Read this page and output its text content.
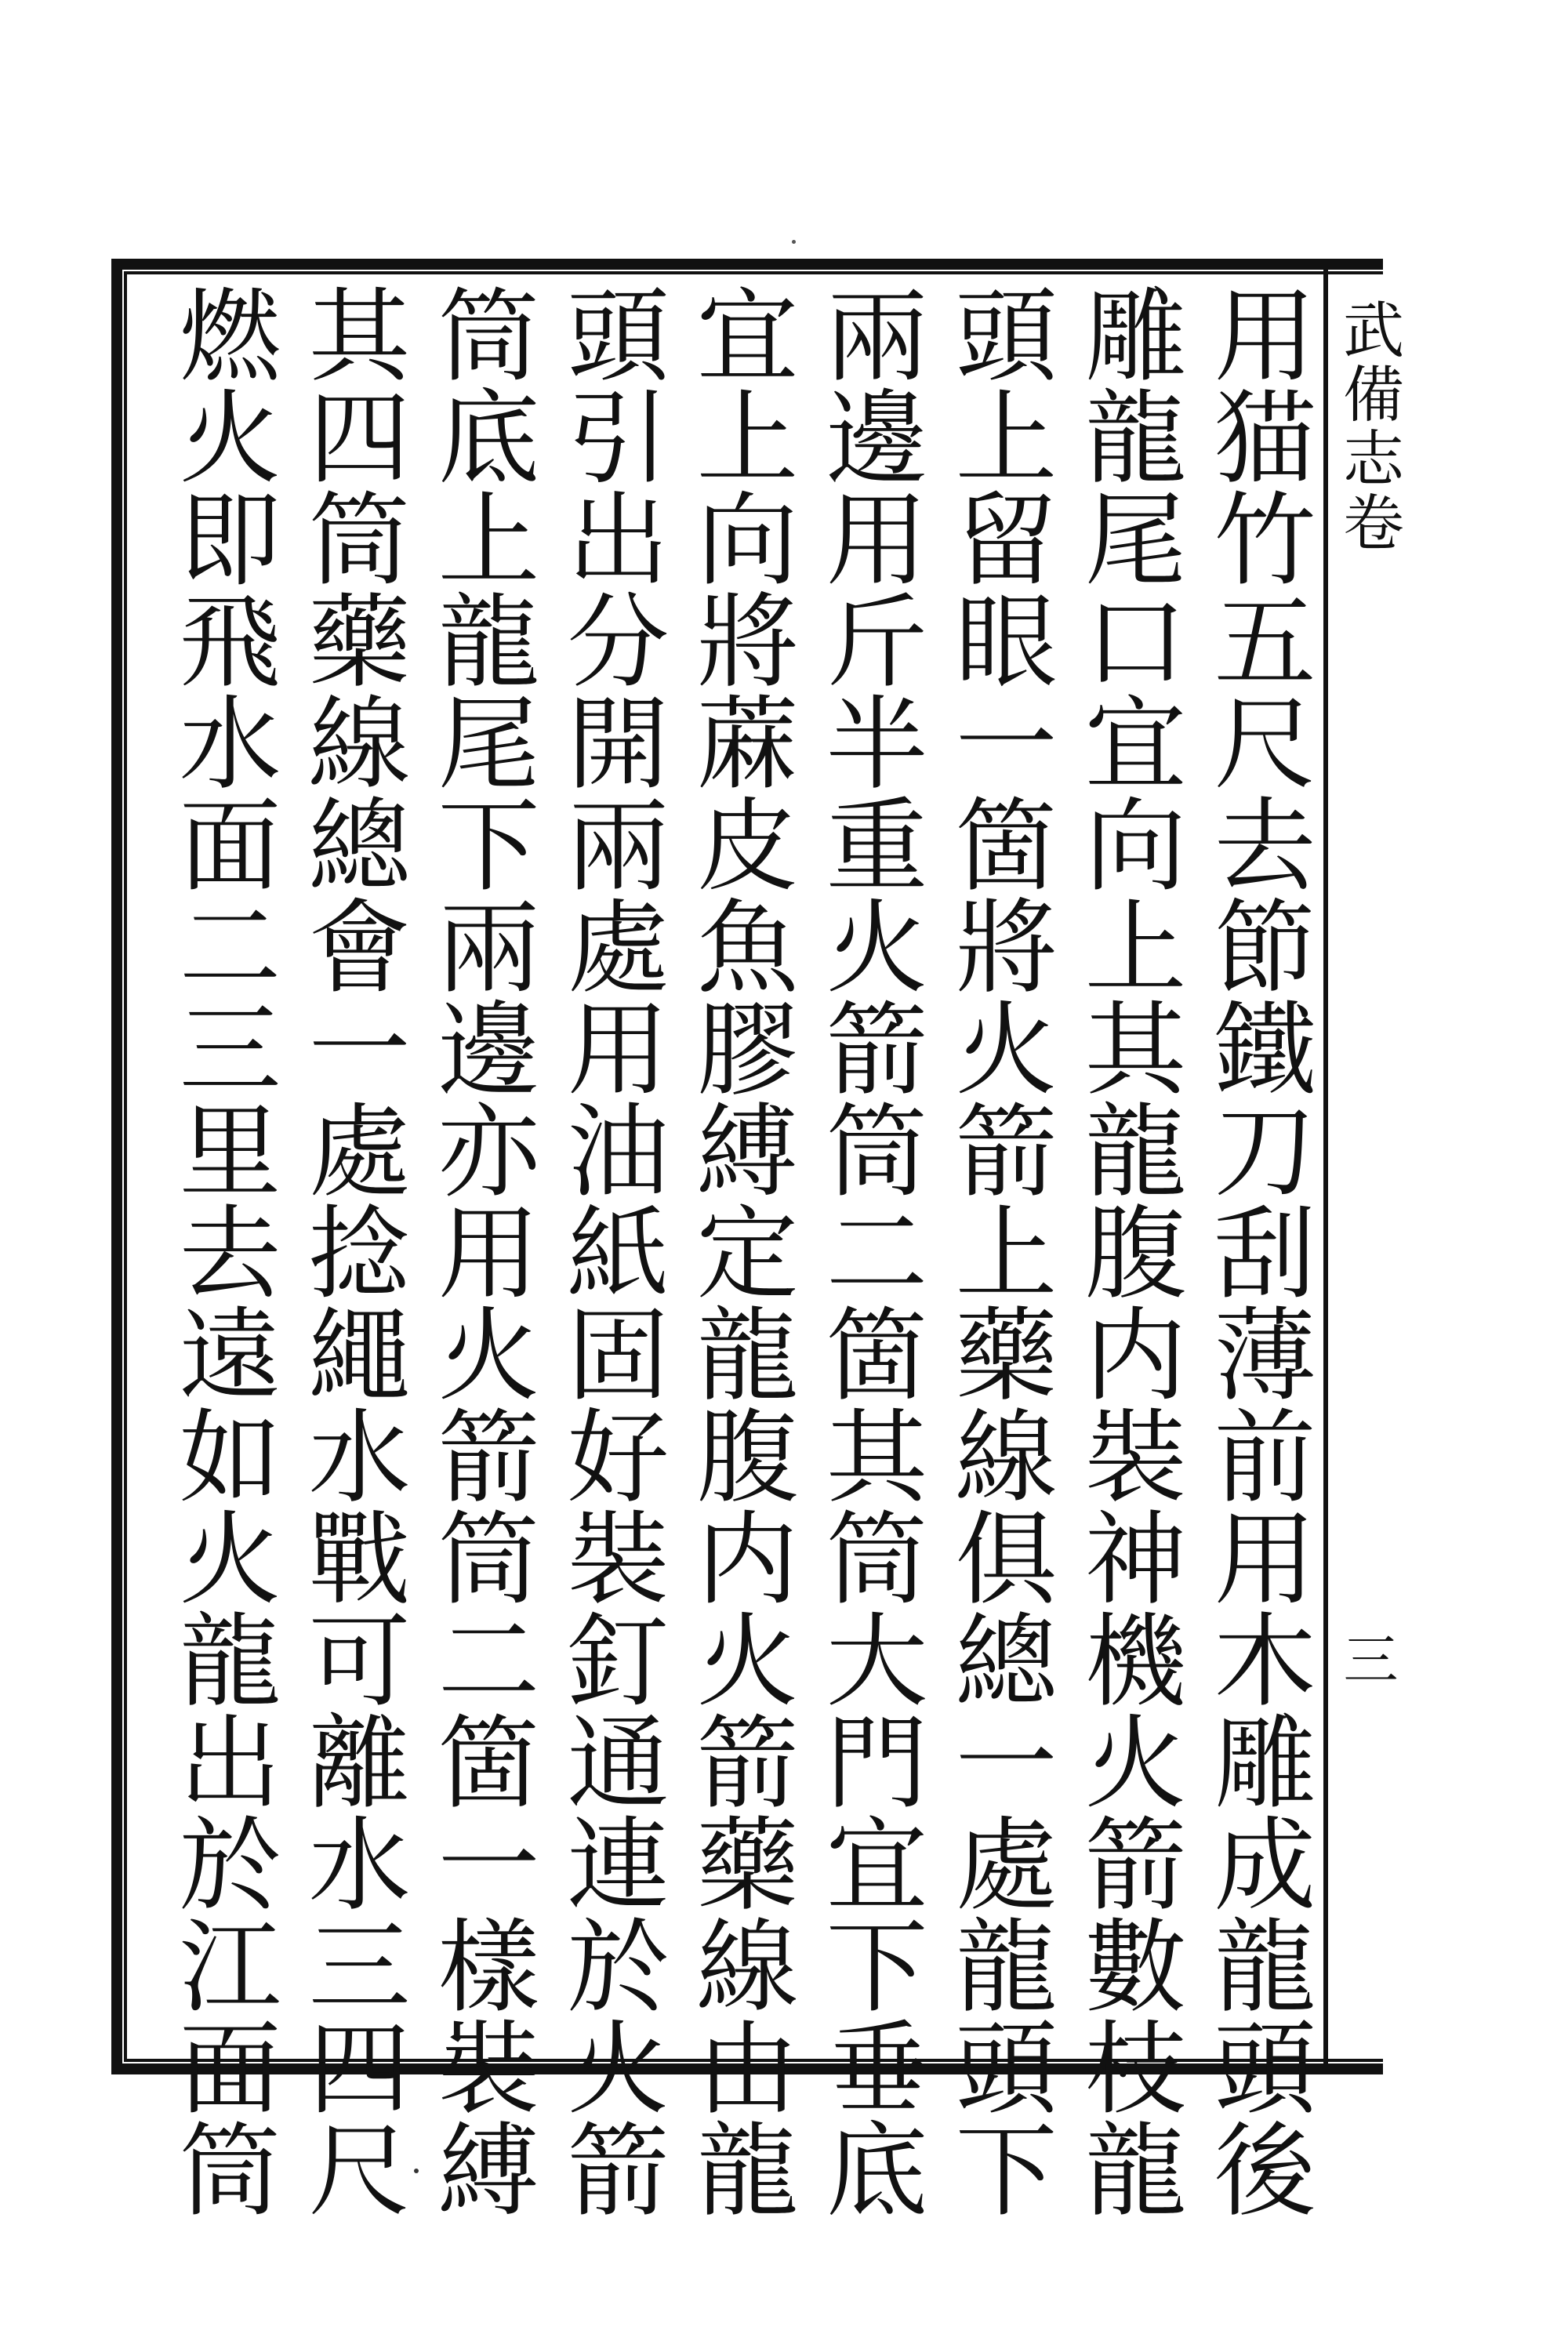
武備志卷
三
用猫竹五尺去節鐵刀刮薄前用木雕成龍頭後
雕龍尾口宜向上其龍腹内裝神機火箭數枝龍
頭上留眼一箇將火箭上藥線俱總一處龍頭下
兩邊用斤半重火箭筒二箇其筒大門宜下垂底
宜上向將蔴皮魚膠縛定龍腹内火箭藥線由龍
頭引出分開兩處用油紙固好裝釘通連於火箭
筒底上龍尾下兩邊亦用火箭筒二箇一樣裝縛
其四筒藥線總會一處捻繩水戰可離水三四尺
燃火即飛水面二三里去遠如火龍出於江面筒
